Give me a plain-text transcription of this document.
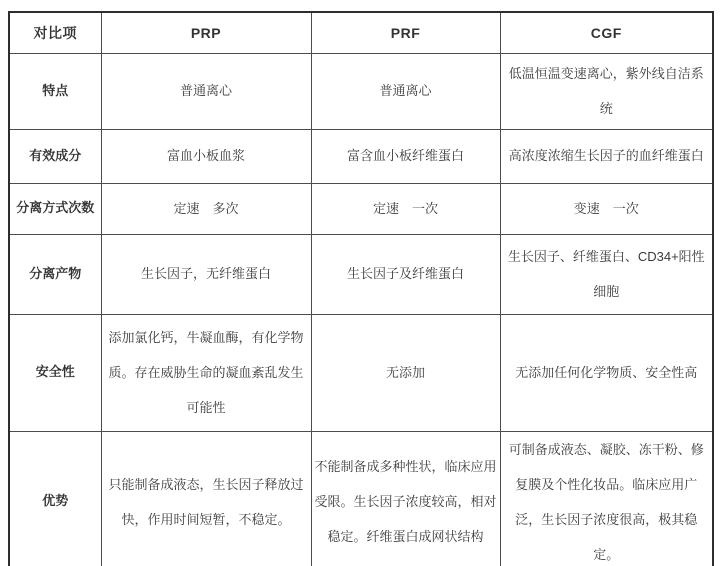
对比项	PRP	PRF	CGF
特点	普通离心	普通离心	低温恒温变速离心，紫外线自洁系统
有效成分	富血小板血浆	富含血小板纤维蛋白	高浓度浓缩生长因子的血纤维蛋白
分离方式次数	定速　多次	定速　一次	变速　一次
分离产物	生长因子，无纤维蛋白	生长因子及纤维蛋白	生长因子、纤维蛋白、CD34+阳性细胞
安全性	添加氯化钙，牛凝血酶，有化学物质。存在威胁生命的凝血紊乱发生可能性	无添加	无添加任何化学物质、安全性高
优势	只能制备成液态，生长因子释放过快，作用时间短暂，不稳定。	不能制备成多种性状，临床应用受限。生长因子浓度较高，相对稳定。纤维蛋白成网状结构	可制备成液态、凝胶、冻干粉、修复膜及个性化妆品。临床应用广泛，生长因子浓度很高，极其稳定。
